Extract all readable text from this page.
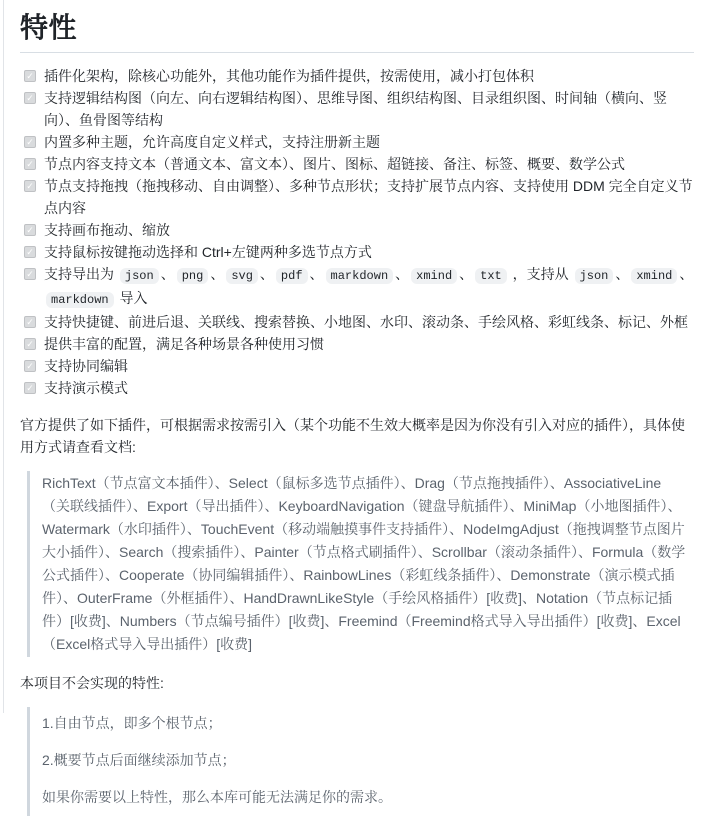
特性
✓ 插件化架构，除核心功能外，其他功能作为插件提供，按需使用，减小打包体积
✓ 支持逻辑结构图（向左、向右逻辑结构图）、思维导图、组织结构图、目录组织图、时间轴（横向、竖向）、鱼骨图等结构
✓ 内置多种主题，允许高度自定义样式，支持注册新主题
✓ 节点内容支持文本（普通文本、富文本）、图片、图标、超链接、备注、标签、概要、数学公式
✓ 节点支持拖拽（拖拽移动、自由调整）、多种节点形状；支持扩展节点内容、支持使用 DDM 完全自定义节点内容
✓ 支持画布拖动、缩放
✓ 支持鼠标按键拖动选择和 Ctrl+左键两种多选节点方式
✓ 支持导出为 json 、 png 、 svg 、 pdf 、 markdown 、 xmind 、 txt ，支持从 json 、 xmind 、markdown 导入
✓ 支持快捷键、前进后退、关联线、搜索替换、小地图、水印、滚动条、手绘风格、彩虹线条、标记、外框
✓ 提供丰富的配置，满足各种场景各种使用习惯
✓ 支持协同编辑
✓ 支持演示模式

官方提供了如下插件，可根据需求按需引入（某个功能不生效大概率是因为你没有引入对应的插件），具体使用方式请查看文档:

RichText（节点富文本插件）、Select（鼠标多选节点插件）、Drag（节点拖拽插件）、AssociativeLine（关联线插件）、Export（导出插件）、KeyboardNavigation（键盘导航插件）、MiniMap（小地图插件）、Watermark（水印插件）、TouchEvent（移动端触摸事件支持插件）、NodeImgAdjust（拖拽调整节点图片大小插件）、Search（搜索插件）、Painter（节点格式刷插件）、Scrollbar（滚动条插件）、Formula（数学公式插件）、Cooperate（协同编辑插件）、RainbowLines（彩虹线条插件）、Demonstrate（演示模式插件）、OuterFrame（外框插件）、HandDrawnLikeStyle（手绘风格插件）[收费]、Notation（节点标记插件）[收费]、Numbers（节点编号插件）[收费]、Freemind（Freemind格式导入导出插件）[收费]、Excel（Excel格式导入导出插件）[收费]

本项目不会实现的特性:

1.自由节点，即多个根节点；

2.概要节点后面继续添加节点；

如果你需要以上特性，那么本库可能无法满足你的需求。
